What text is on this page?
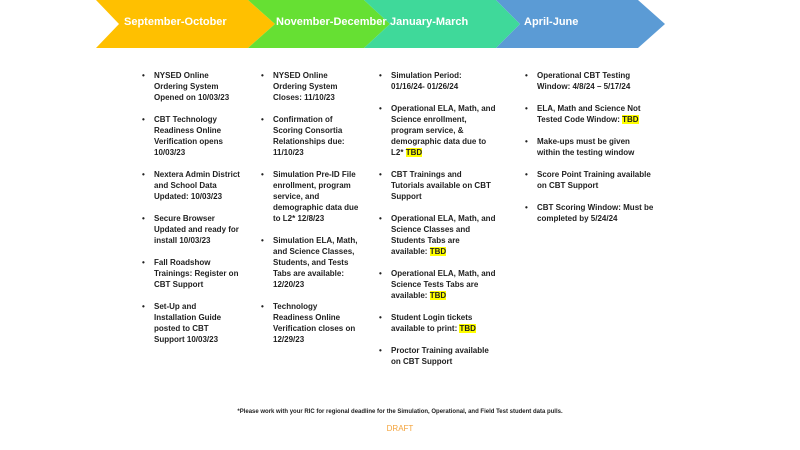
September-October	November-December January-March	April-June
• NYSED Online Ordering System Opened on 10/03/23
• CBT Technology Readiness Online Verification opens 10/03/23
• Nextera Admin District and School Data Updated: 10/03/23
• Secure Browser Updated and ready for install 10/03/23
• Fall Roadshow Trainings: Register on CBT Support
• Set-Up and Installation Guide posted to CBT Support 10/03/23
• NYSED Online Ordering System Closes: 11/10/23
• Confirmation of Scoring Consortia Relationships due: 11/10/23
• Simulation Pre-ID File enrollment, program service, and demographic data due to L2* 12/8/23
• Simulation ELA, Math, and Science Classes, Students, and Tests Tabs are available: 12/20/23
• Technology Readiness Online Verification closes on 12/29/23
• Simulation Period: 01/16/24- 01/26/24
• Operational ELA, Math, and Science enrollment, program service, & demographic data due to L2* TBD
• CBT Trainings and Tutorials available on CBT Support
• Operational ELA, Math, and Science Classes and Students Tabs are available: TBD
• Operational ELA, Math, and Science Tests Tabs are available: TBD
• Student Login tickets available to print: TBD
• Proctor Training available on CBT Support
• Operational CBT Testing Window: 4/8/24 – 5/17/24
• ELA, Math and Science Not Tested Code Window: TBD
• Make-ups must be given within the testing window
• Score Point Training available on CBT Support
• CBT Scoring Window: Must be completed by 5/24/24
*Please work with your RIC for regional deadline for the Simulation, Operational, and Field Test student data pulls.
DRAFT
